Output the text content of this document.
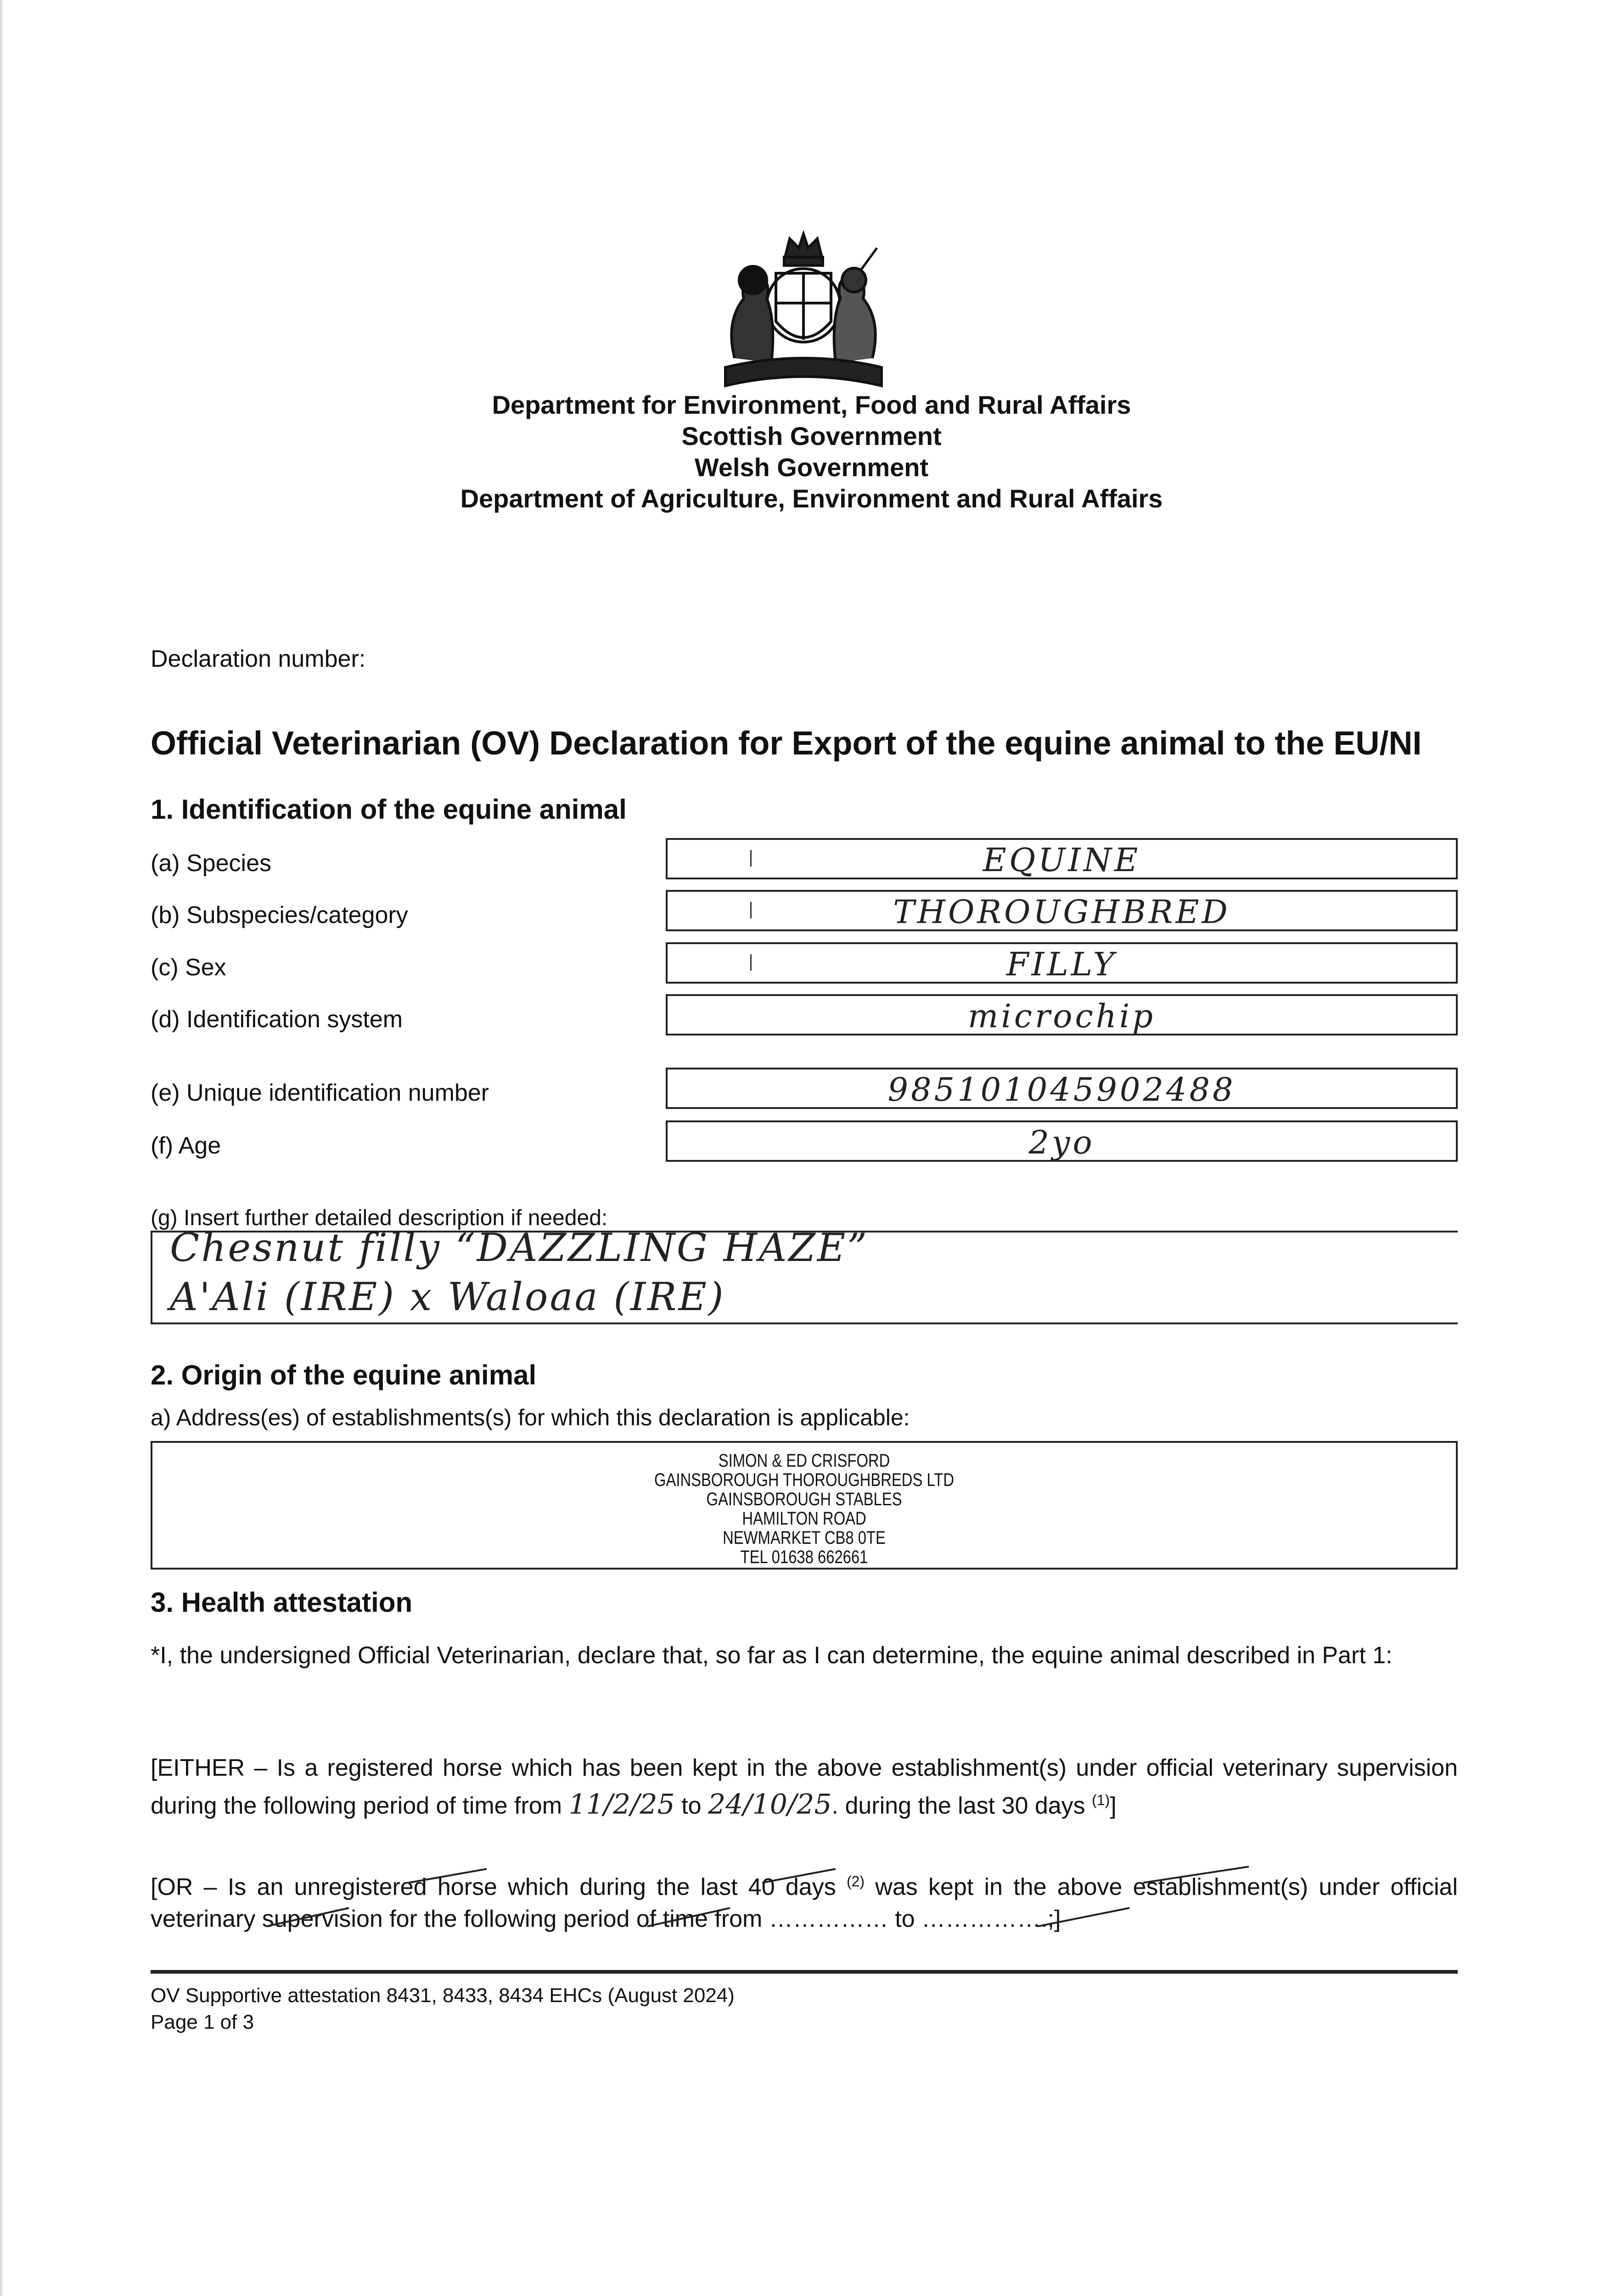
Department for Environment, Food and Rural Affairs
Scottish Government
Welsh Government
Department of Agriculture, Environment and Rural Affairs
Declaration number:
Official Veterinarian (OV) Declaration for Export of the equine animal to the EU/NI
1. Identification of the equine animal
(a) Species	EQUINE
(b) Subspecies/category	THOROUGHBRED
(c) Sex	FILLY
(d) Identification system	microchip
(e) Unique identification number	985101045902488
(f) Age	2yo
(g) Insert further detailed description if needed:
Chesnut filly “DAZZLING HAZE”
A'Ali (IRE) x Waloaa (IRE)
2. Origin of the equine animal
a) Address(es) of establishments(s) for which this declaration is applicable:
SIMON & ED CRISFORD
GAINSBOROUGH THOROUGHBREDS LTD
GAINSBOROUGH STABLES
HAMILTON ROAD
NEWMARKET CB8 0TE
TEL 01638 662661
3. Health attestation
*I, the undersigned Official Veterinarian, declare that, so far as I can determine, the equine animal described in Part 1:
[EITHER – Is a registered horse which has been kept in the above establishment(s) under official veterinary supervision during the following period of time from 11/2/25 to 24/10/25. during the last 30 days $^{(1)}$]
[OR – Is an unregistered horse which during the last 40 days $^{(2)}$ was kept in the above establishment(s) under official veterinary supervision for the following period of time from …………… to …………….;]
OV Supportive attestation 8431, 8433, 8434 EHCs (August 2024)
Page 1 of 3
